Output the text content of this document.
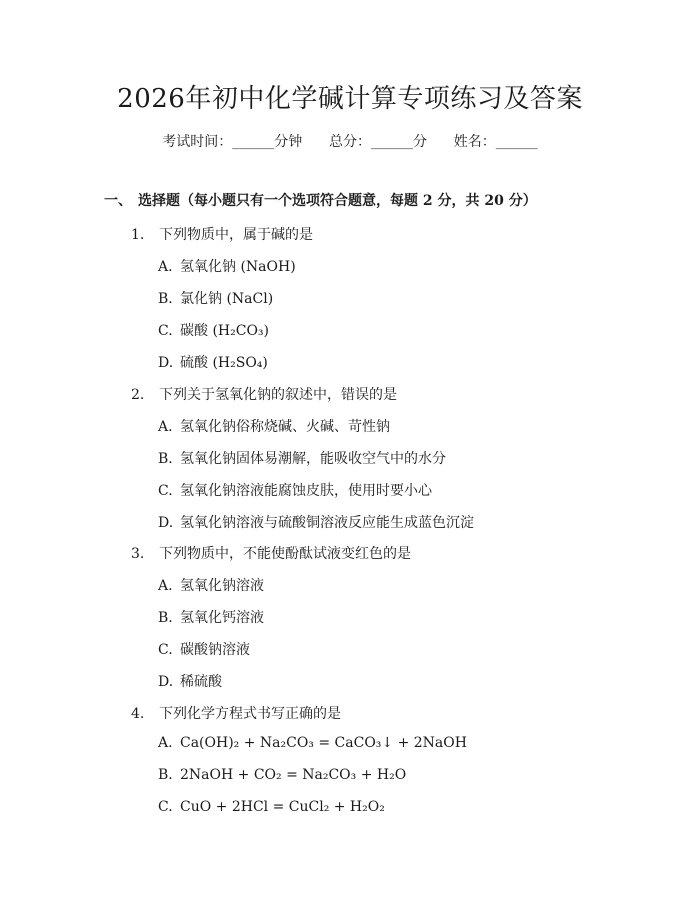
2026年初中化学碱计算专项练习及答案
考试时间：______分钟 总分：______分 姓名：______
一、 选择题（每小题只有一个选项符合题意，每题 2 分，共 20 分）
1. 下列物质中，属于碱的是
A. 氢氧化钠 (NaOH)
B. 氯化钠 (NaCl)
C. 碳酸 (H₂CO₃)
D. 硫酸 (H₂SO₄)
2. 下列关于氢氧化钠的叙述中，错误的是
A. 氢氧化钠俗称烧碱、火碱、苛性钠
B. 氢氧化钠固体易潮解，能吸收空气中的水分
C. 氢氧化钠溶液能腐蚀皮肤，使用时要小心
D. 氢氧化钠溶液与硫酸铜溶液反应能生成蓝色沉淀
3. 下列物质中，不能使酚酞试液变红色的是
A. 氢氧化钠溶液
B. 氢氧化钙溶液
C. 碳酸钠溶液
D. 稀硫酸
4. 下列化学方程式书写正确的是
A. Ca(OH)₂ + Na₂CO₃ = CaCO₃↓ + 2NaOH
B. 2NaOH + CO₂ = Na₂CO₃ + H₂O
C. CuO + 2HCl = CuCl₂ + H₂O₂
